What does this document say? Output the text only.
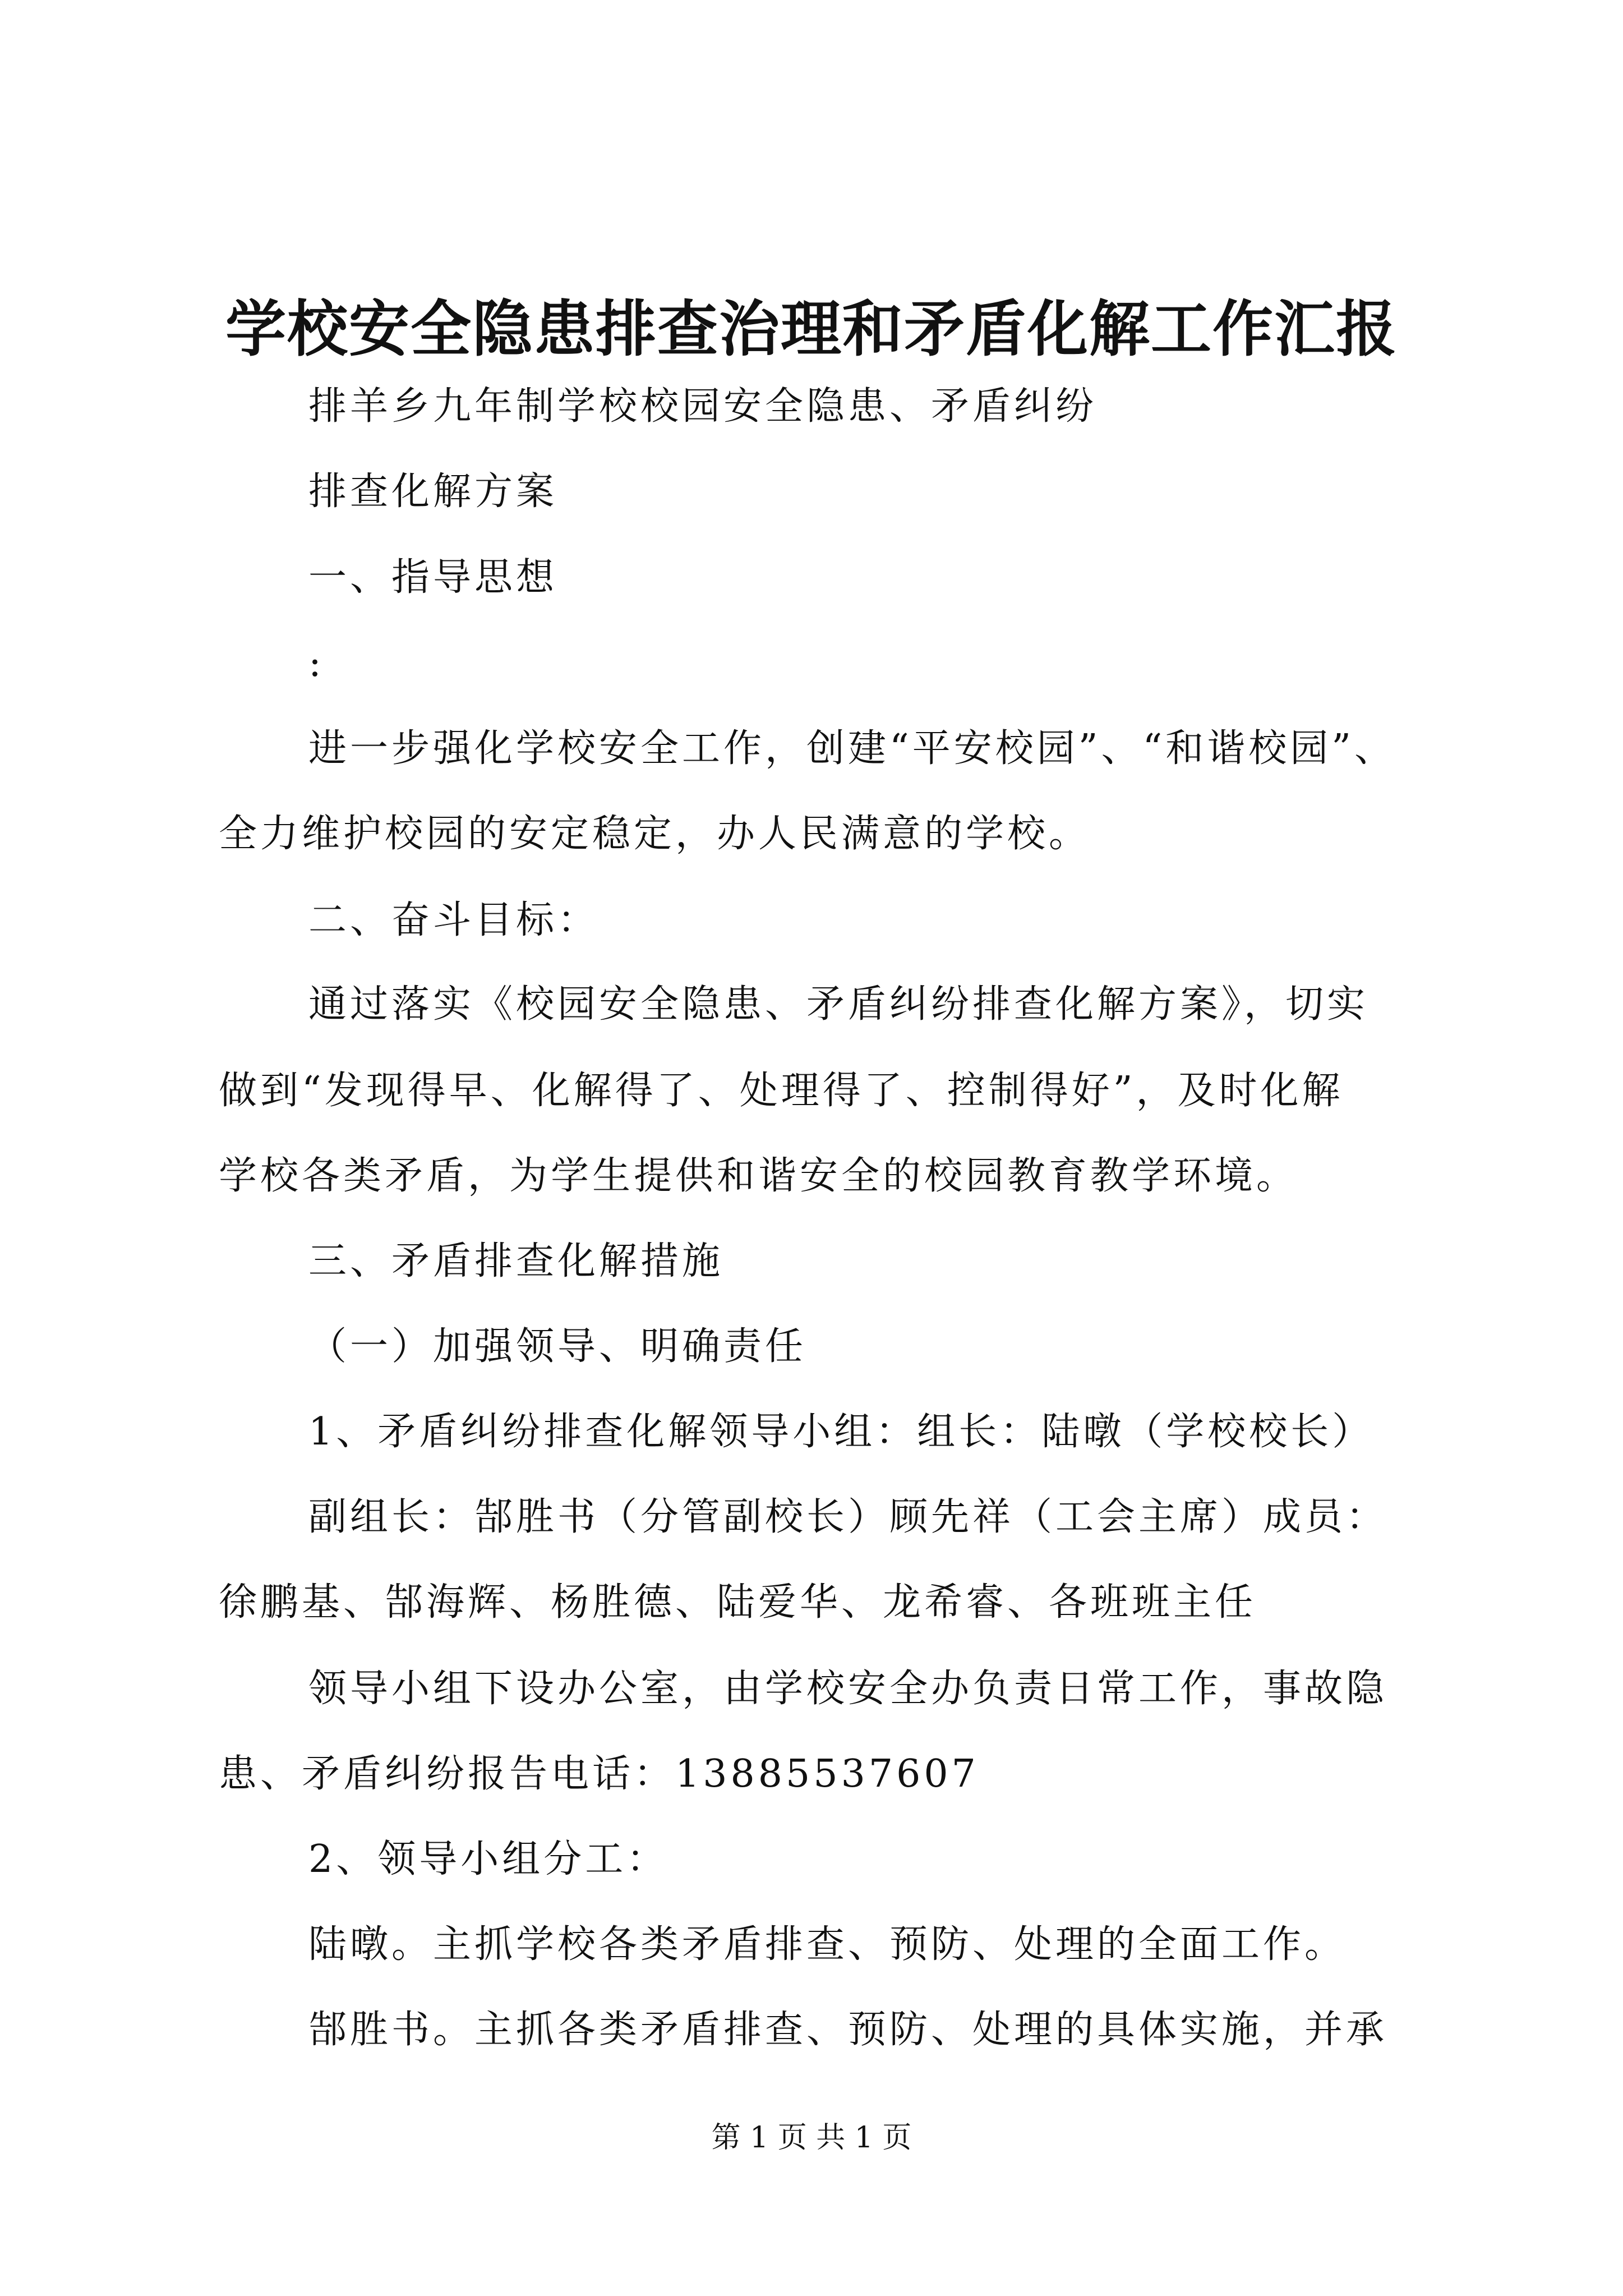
学校安全隐患排查治理和矛盾化解工作汇报
排羊乡九年制学校校园安全隐患、矛盾纠纷
排查化解方案
一、指导思想
:
进一步强化学校安全工作，创建“平安校园”、“和谐校园”、
全力维护校园的安定稳定，办人民满意的学校。
二、奋斗目标：
通过落实《校园安全隐患、矛盾纠纷排查化解方案》，切实
做到“发现得早、化解得了、处理得了、控制得好”，及时化解
学校各类矛盾，为学生提供和谐安全的校园教育教学环境。
三、矛盾排查化解措施
（一）加强领导、明确责任
1、矛盾纠纷排查化解领导小组：组长：陆暾（学校校长）
副组长：郜胜书（分管副校长）顾先祥（工会主席）成员：
徐鹏基、郜海辉、杨胜德、陆爱华、龙希睿、各班班主任
领导小组下设办公室，由学校安全办负责日常工作，事故隐
患、矛盾纠纷报告电话：13885537607
2、领导小组分工：
陆暾。主抓学校各类矛盾排查、预防、处理的全面工作。
郜胜书。主抓各类矛盾排查、预防、处理的具体实施，并承
第 1 页 共 1 页
